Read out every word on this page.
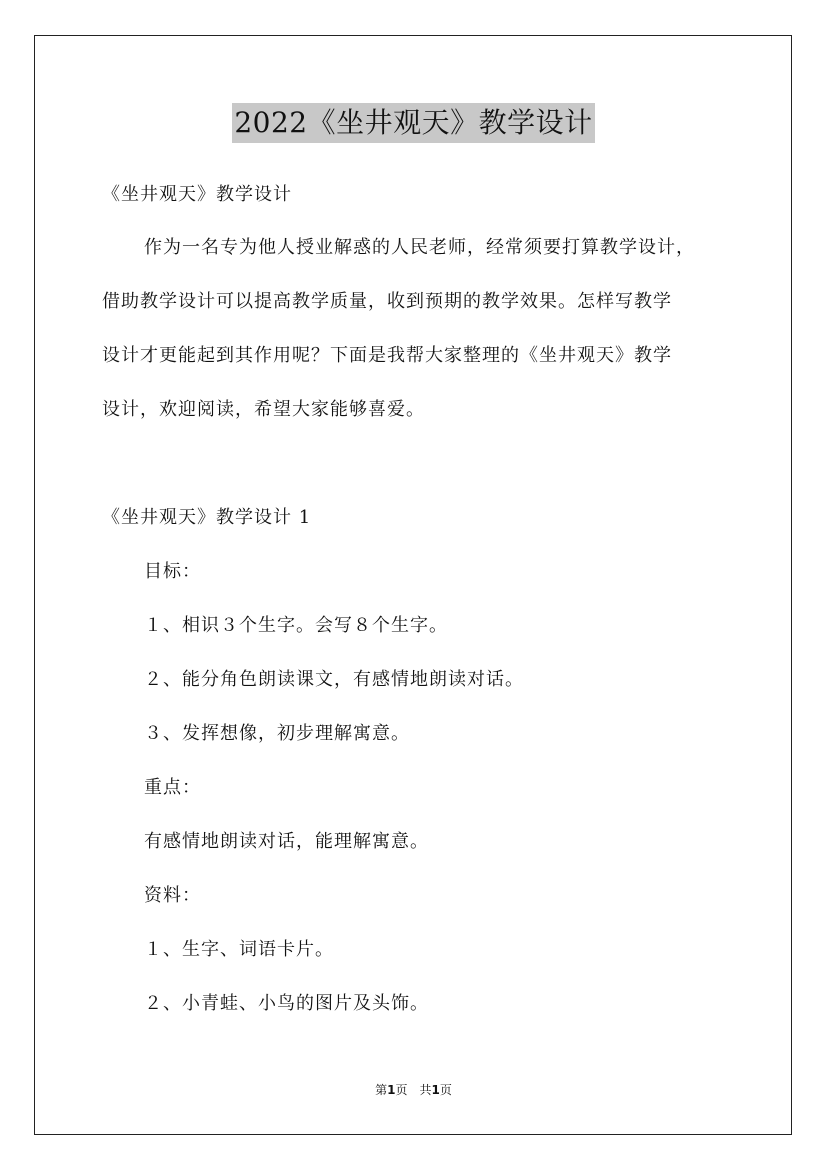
2022《坐井观天》教学设计
《坐井观天》教学设计
作为一名专为他人授业解惑的人民老师，经常须要打算教学设计，
借助教学设计可以提高教学质量，收到预期的教学效果。怎样写教学
设计才更能起到其作用呢？下面是我帮大家整理的《坐井观天》教学
设计，欢迎阅读，希望大家能够喜爱。
《坐井观天》教学设计 1
目标：
１、相识３个生字。会写８个生字。
２、能分角色朗读课文，有感情地朗读对话。
３、发挥想像，初步理解寓意。
重点：
有感情地朗读对话，能理解寓意。
资料：
１、生字、词语卡片。
２、小青蛙、小鸟的图片及头饰。
第1页　共1页
